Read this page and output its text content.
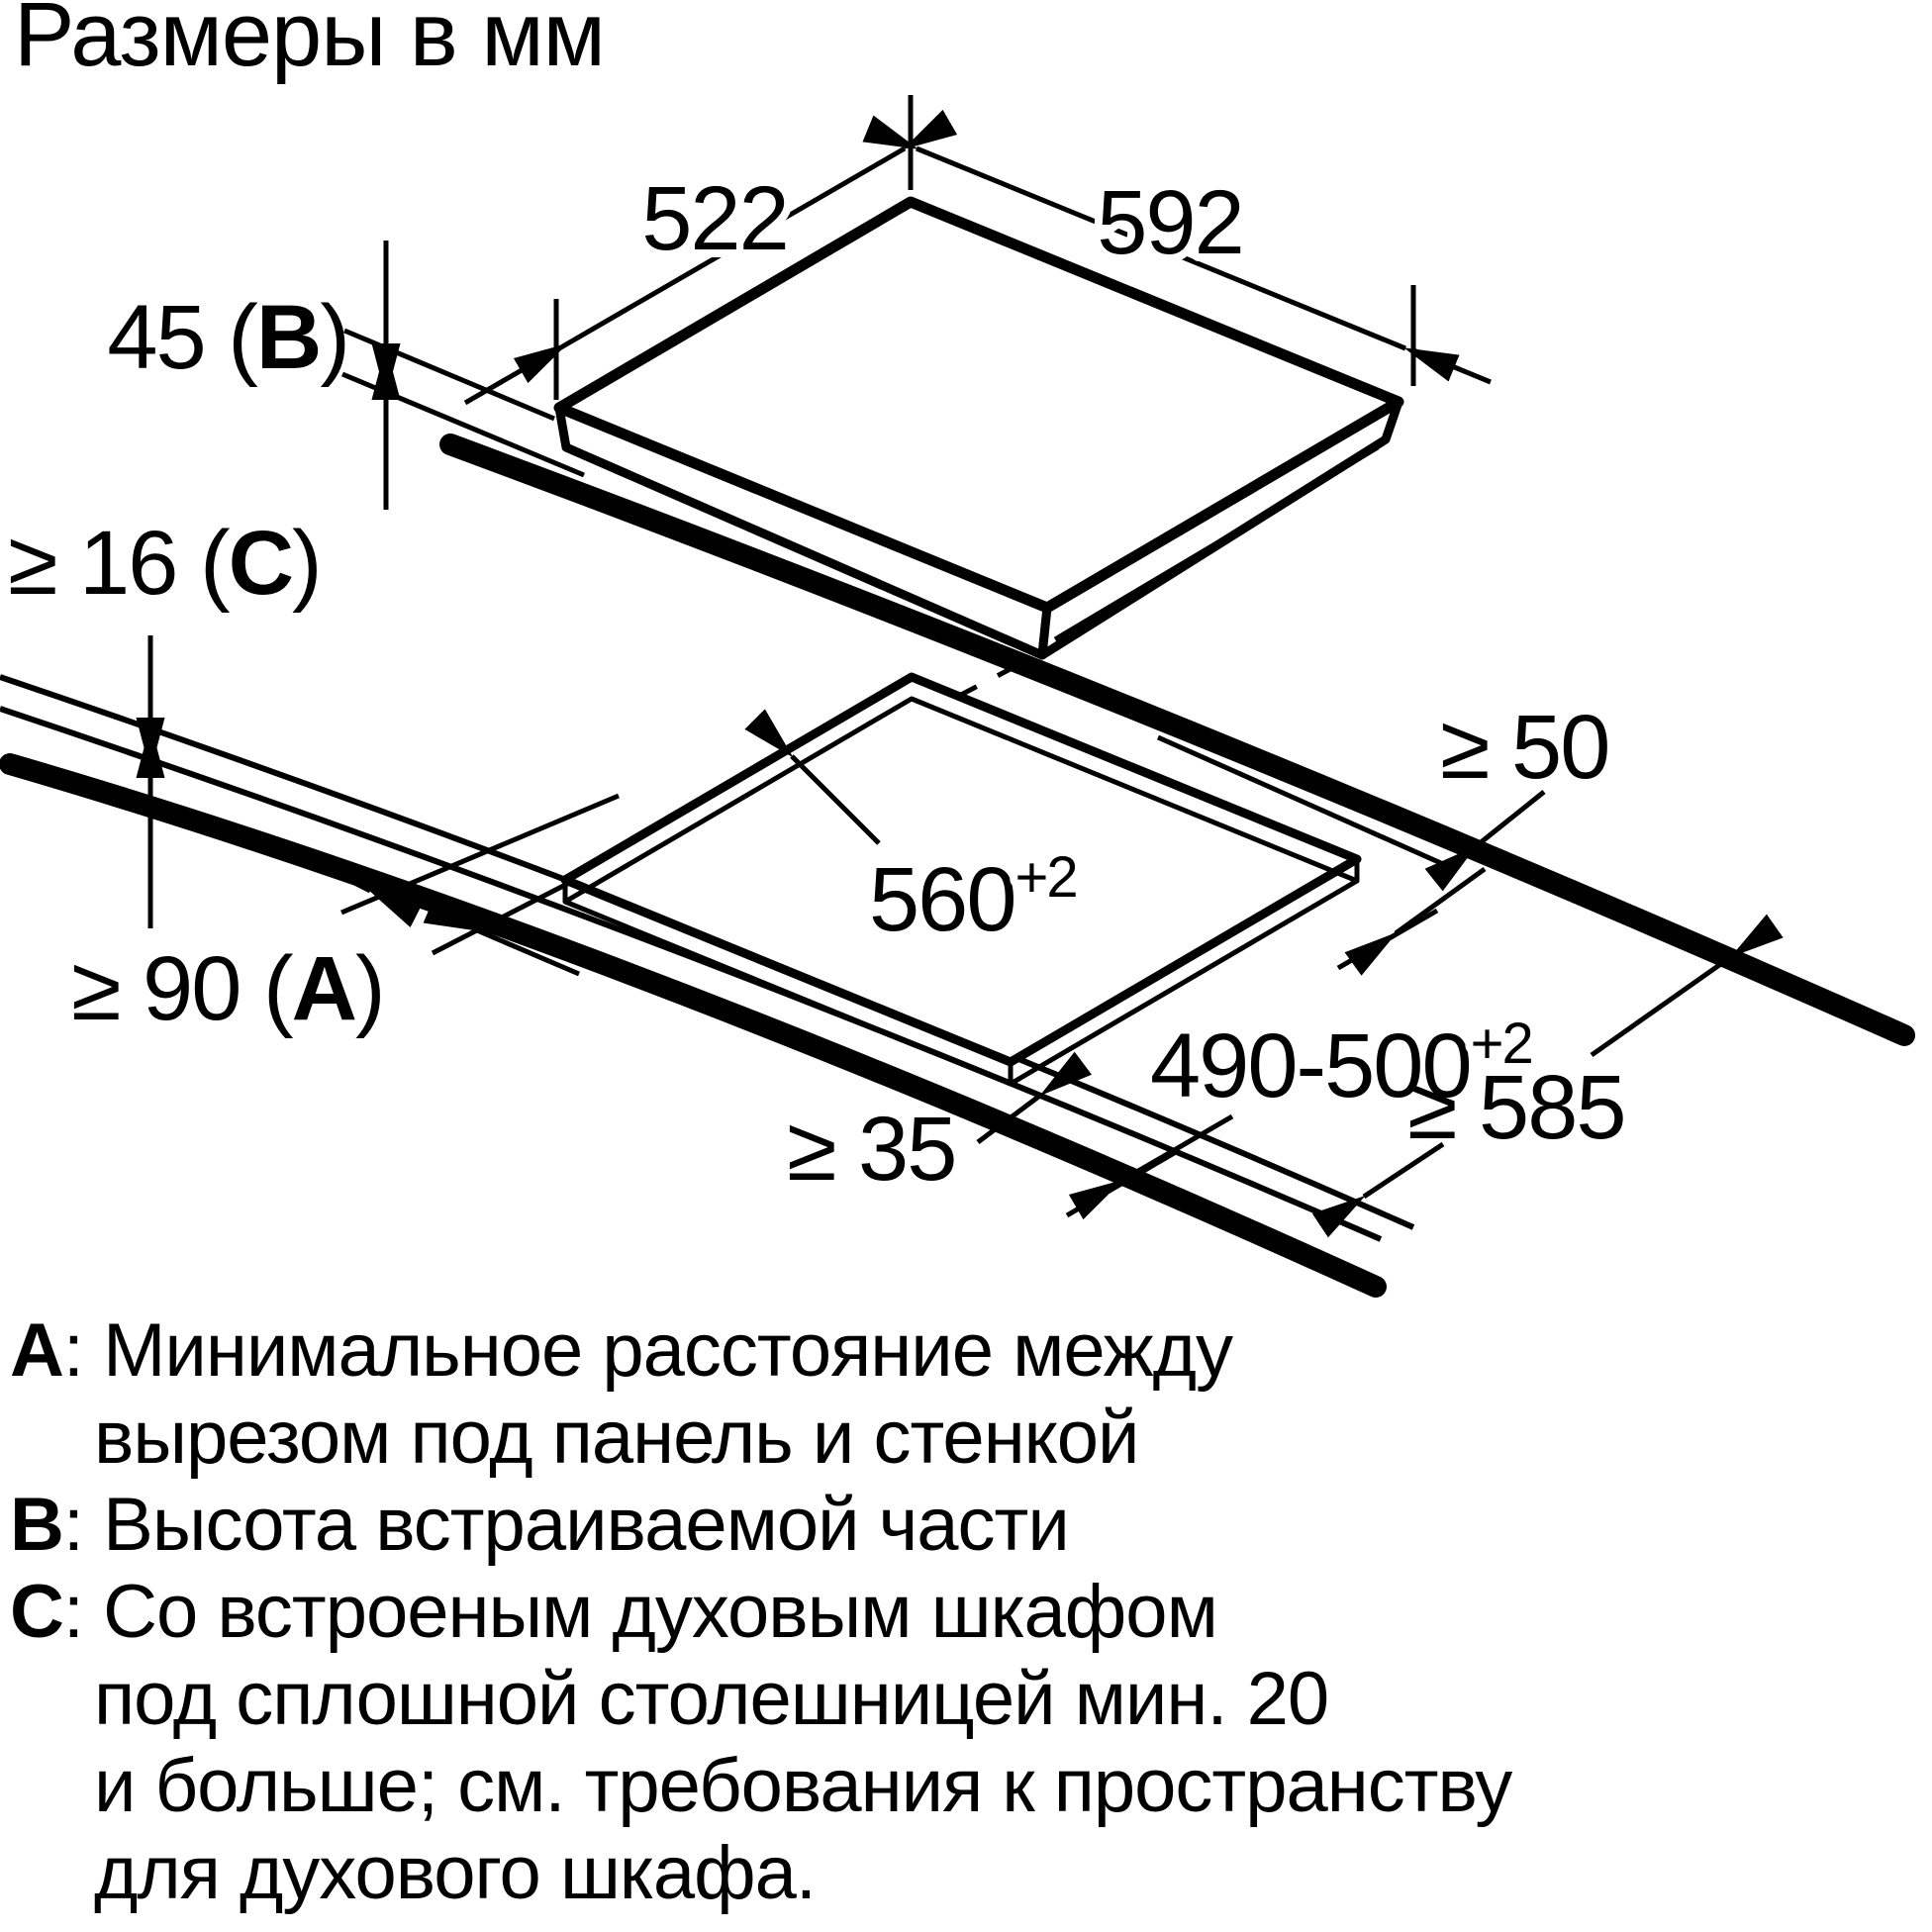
Размеры в мм
522	592
45 (B)
≥ 16 (C)
≥ 90 (A)
$560^{+2}$
$490-500^{+2}$
≥ 50
≥ 35	≥ 585
A: Минимальное расстояние между
вырезом под панель и стенкой
B: Высота встраиваемой части
C: Со встроеным духовым шкафом
под сплошной столешницей мин. 20
и больше; см. требования к пространству
для духового шкафа.
